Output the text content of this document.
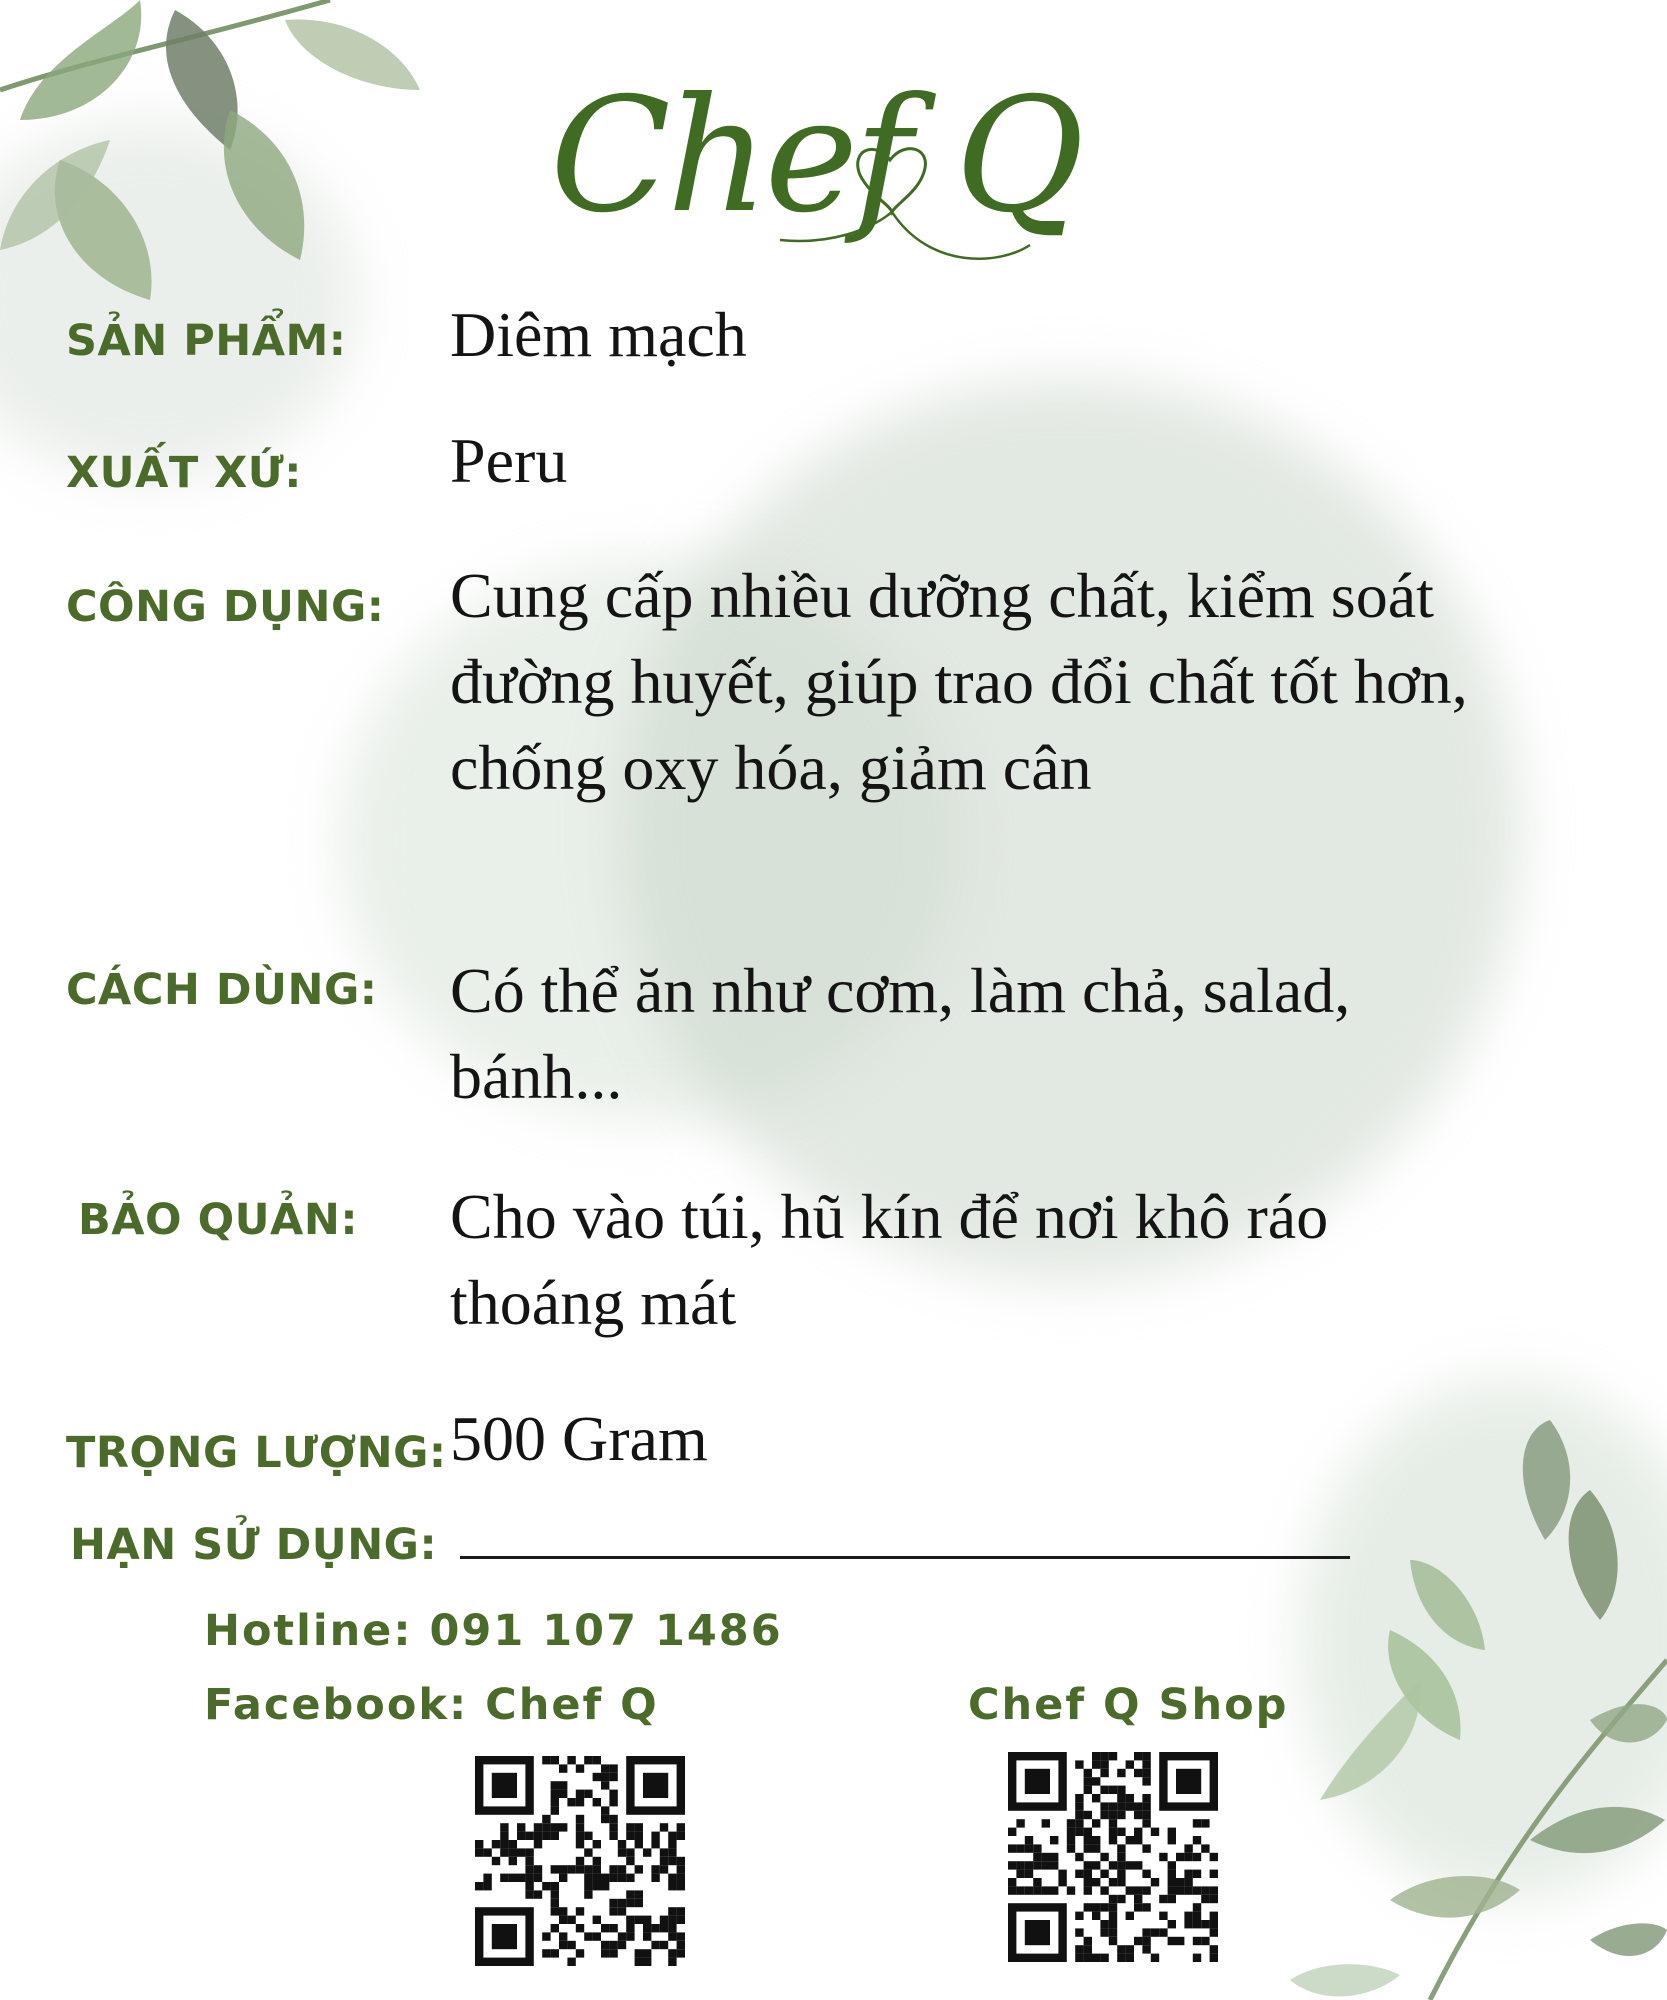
Chef Q
SẢN PHẨM: Diêm mạch
XUẤT XỨ: Peru
CÔNG DỤNG: Cung cấp nhiều dưỡng chất, kiểm soát đường huyết, giúp trao đổi chất tốt hơn, chống oxy hóa, giảm cân
CÁCH DÙNG: Có thể ăn như cơm, làm chả, salad, bánh...
BẢO QUẢN: Cho vào túi, hũ kín để nơi khô ráo thoáng mát
TRỌNG LƯỢNG: 500 Gram
HẠN SỬ DỤNG:
Hotline: 091 107 1486
Facebook: Chef Q	Chef Q Shop
